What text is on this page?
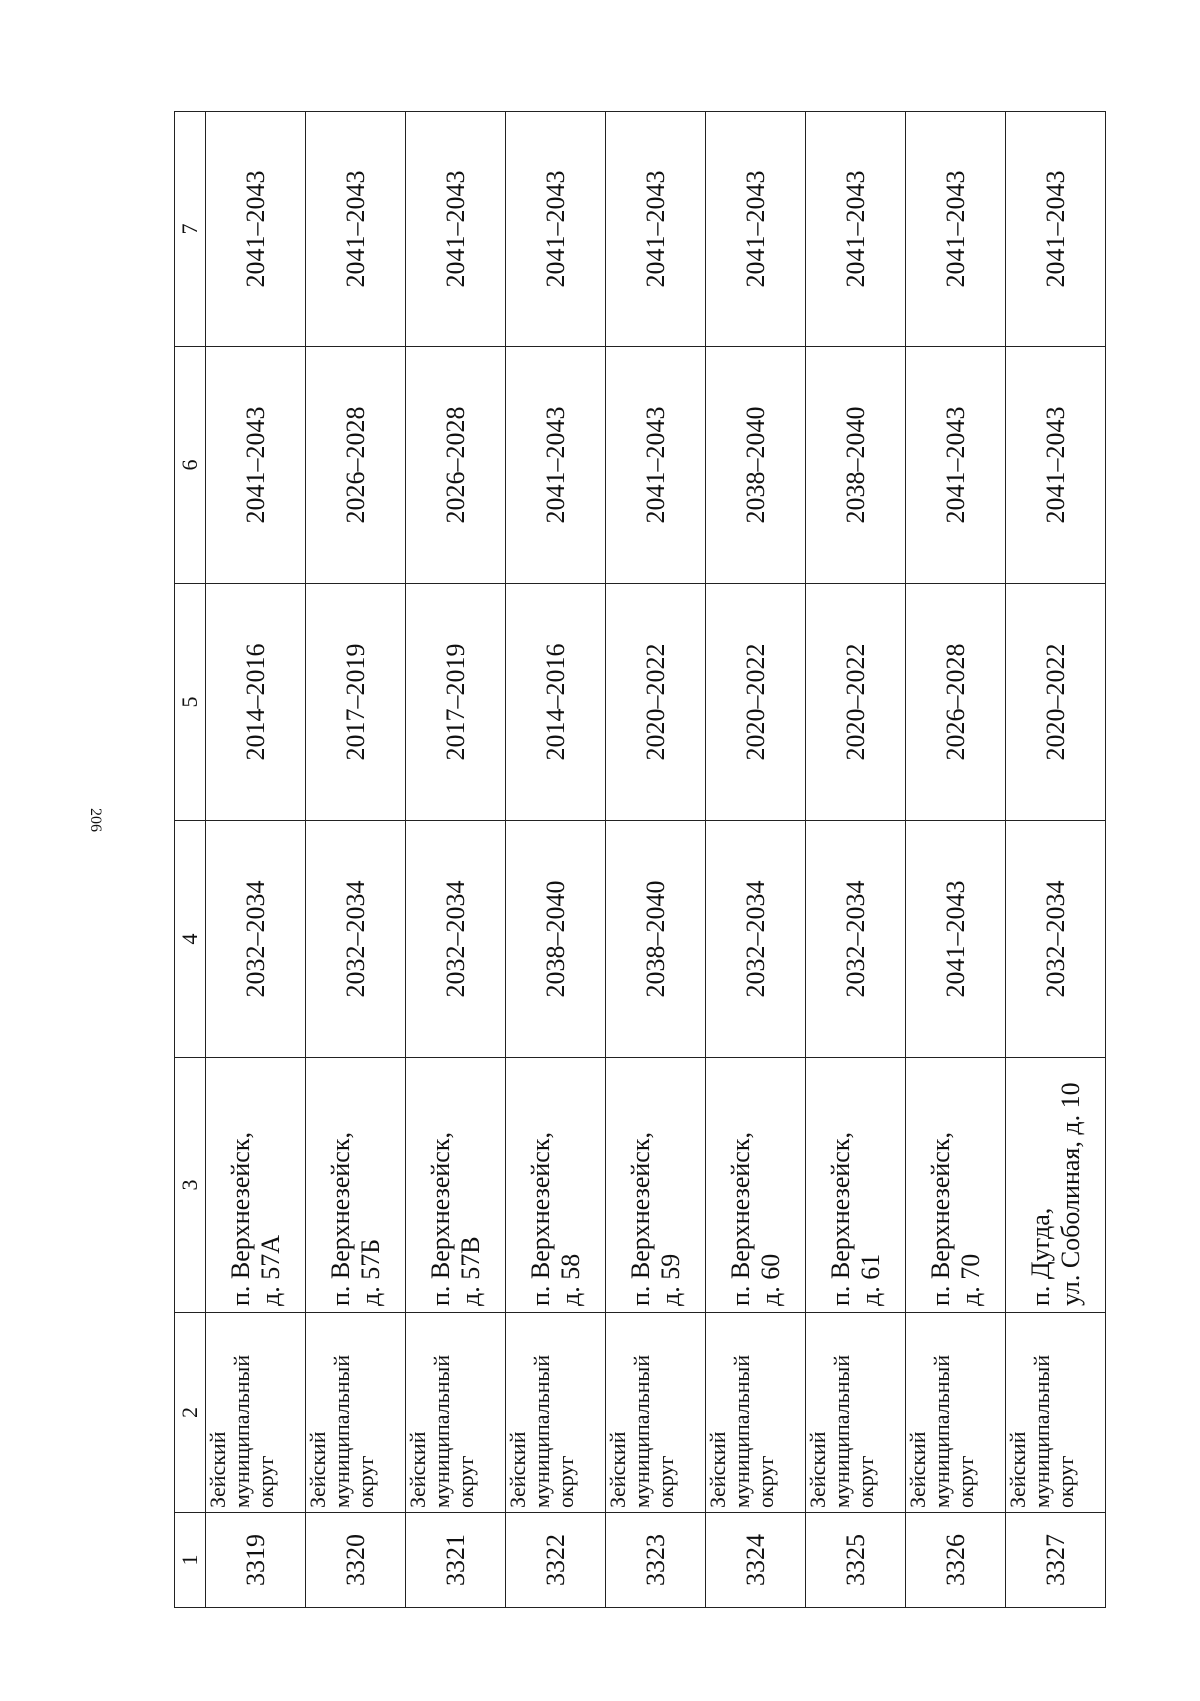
206
1	2	3	4	5	6	7
3319	Зейский муниципальный округ	п. Верхнезейск, д. 57А	2032–2034	2014–2016	2041–2043	2041–2043
3320	Зейский муниципальный округ	п. Верхнезейск, д. 57Б	2032–2034	2017–2019	2026–2028	2041–2043
3321	Зейский муниципальный округ	п. Верхнезейск, д. 57В	2032–2034	2017–2019	2026–2028	2041–2043
3322	Зейский муниципальный округ	п. Верхнезейск, д. 58	2038–2040	2014–2016	2041–2043	2041–2043
3323	Зейский муниципальный округ	п. Верхнезейск, д. 59	2038–2040	2020–2022	2041–2043	2041–2043
3324	Зейский муниципальный округ	п. Верхнезейск, д. 60	2032–2034	2020–2022	2038–2040	2041–2043
3325	Зейский муниципальный округ	п. Верхнезейск, д. 61	2032–2034	2020–2022	2038–2040	2041–2043
3326	Зейский муниципальный округ	п. Верхнезейск, д. 70	2041–2043	2026–2028	2041–2043	2041–2043
3327	Зейский муниципальный округ	п. Дугда, ул. Соболиная, д. 10	2032–2034	2020–2022	2041–2043	2041–2043
